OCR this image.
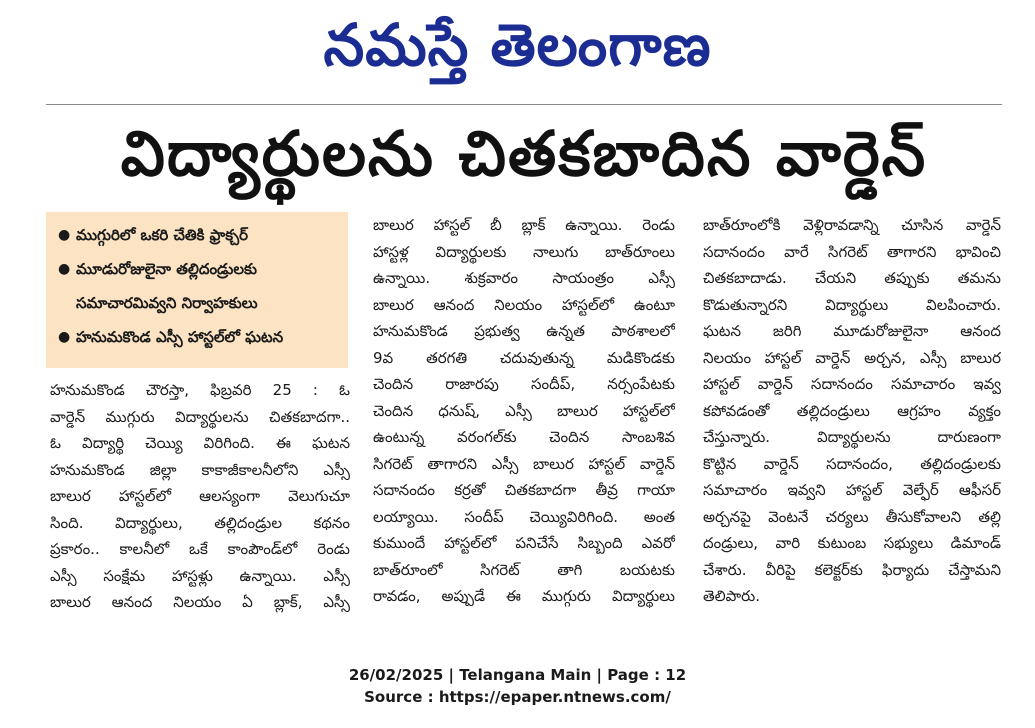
నమస్తే తెలంగాణ
విద్యార్థులను చితకబాదిన వార్డెన్
● ముగ్గురిలో ఒకరి చేతికి ఫ్రాక్చర్
● మూడురోజులైనా తల్లిదండ్రులకు
సమాచారమివ్వని నిర్వాహకులు
● హనుమకొండ ఎస్సీ హాస్టల్‌లో ఘటన
హనుమకొండ చౌరస్తా, ఫిబ్రవరి 25 : ఓ
వార్డెన్ ముగ్గురు విద్యార్థులను చితకబాదగా..
ఓ విద్యార్థి చెయ్యి విరిగింది. ఈ ఘటన
హనుమకొండ జిల్లా కాకాజీకాలనీలోని ఎస్సీ
బాలుర హాస్టల్‌లో ఆలస్యంగా వెలుగుచూ
సింది. విద్యార్థులు, తల్లిదండ్రుల కథనం
ప్రకారం.. కాలనీలో ఒకే కాంపౌండ్‌లో రెండు
ఎస్సీ సంక్షేమ హాస్టళ్లు ఉన్నాయి. ఎస్సీ
బాలుర ఆనంద నిలయం ఏ బ్లాక్, ఎస్సీ
బాలుర హాస్టల్ బీ బ్లాక్ ఉన్నాయి. రెండు
హాస్టళ్ల విద్యార్థులకు నాలుగు బాత్‌రూంలు
ఉన్నాయి. శుక్రవారం సాయంత్రం ఎస్సీ
బాలుర ఆనంద నిలయం హాస్టల్‌లో ఉంటూ
హనుమకొండ ప్రభుత్వ ఉన్నత పాఠశాలలో
9వ తరగతి చదువుతున్న మడికొండకు
చెందిన రాజారపు సందీప్, నర్సంపేటకు
చెందిన ధనుష్, ఎస్సీ బాలుర హాస్టల్‌లో
ఉంటున్న వరంగల్‌కు చెందిన సాంబశివ
సిగరెట్ తాగారని ఎస్సీ బాలుర హాస్టల్ వార్డెన్
సదానందం కర్రతో చితకబాదగా తీవ్ర గాయా
లయ్యాయి. సందీప్ చెయ్యివిరిగింది. అంత
కుముందే హాస్టల్‌లో పనిచేసే సిబ్బంది ఎవరో
బాత్‌రూంలో సిగరెట్ తాగి బయటకు
రావడం, అప్పుడే ఈ ముగ్గురు విద్యార్థులు
బాత్‌రూంలోకి వెళ్లిరావడాన్ని చూసిన వార్డెన్
సదానందం వారే సిగరెట్ తాగారని భావించి
చితకబాదాడు. చేయని తప్పుకు తమను
కొడుతున్నారని విద్యార్థులు విలపించారు.
ఘటన జరిగి మూడురోజులైనా ఆనంద
నిలయం హాస్టల్ వార్డెన్ అర్చన, ఎస్సీ బాలుర
హాస్టల్ వార్డెన్ సదానందం సమాచారం ఇవ్వ
కపోవడంతో తల్లిదండ్రులు ఆగ్రహం వ్యక్తం
చేస్తున్నారు. విద్యార్థులను దారుణంగా
కొట్టిన వార్డెన్ సదానందం, తల్లిదండ్రులకు
సమాచారం ఇవ్వని హాస్టల్ వెల్ఫేర్ ఆఫీసర్
అర్చనపై వెంటనే చర్యలు తీసుకోవాలని తల్లి
దండ్రులు, వారి కుటుంబ సభ్యులు డిమాండ్
చేశారు. వీరిపై కలెక్టర్‌కు ఫిర్యాదు చేస్తామని
తెలిపారు.
26/02/2025 | Telangana Main | Page : 12
Source : https://epaper.ntnews.com/
